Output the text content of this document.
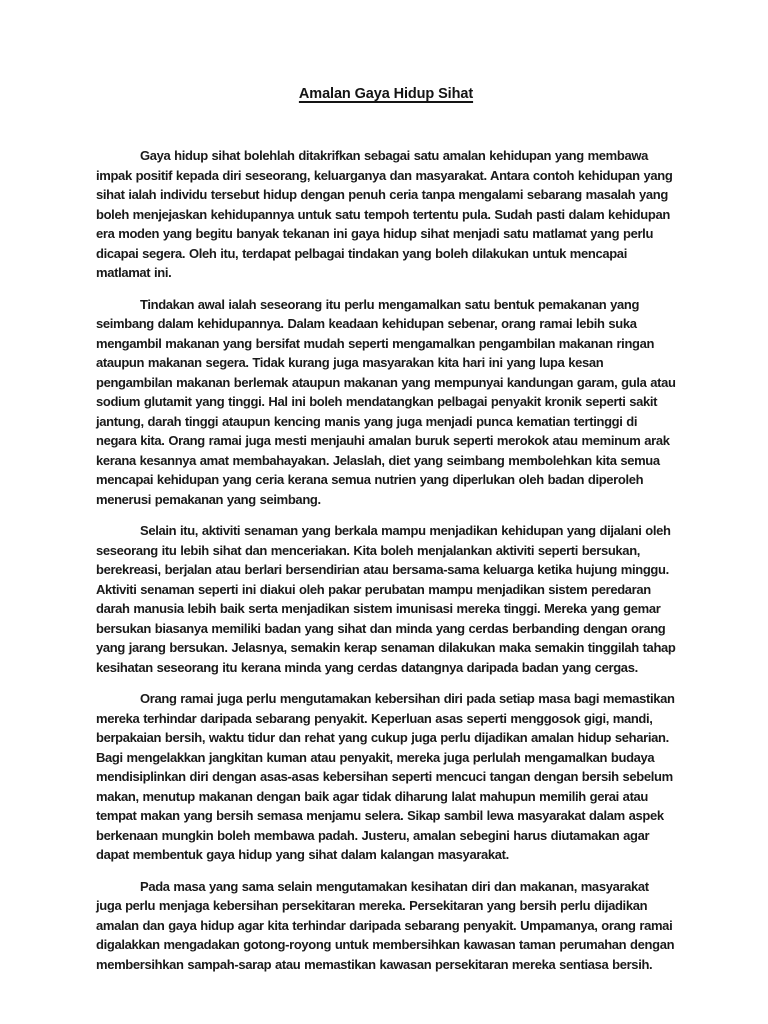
Amalan Gaya Hidup Sihat

Gaya hidup sihat bolehlah ditakrifkan sebagai satu amalan kehidupan yang membawa impak positif kepada diri seseorang, keluarganya dan masyarakat. Antara contoh kehidupan yang sihat ialah individu tersebut hidup dengan penuh ceria tanpa mengalami sebarang masalah yang boleh menjejaskan kehidupannya untuk satu tempoh tertentu pula. Sudah pasti dalam kehidupan era moden yang begitu banyak tekanan ini gaya hidup sihat menjadi satu matlamat yang perlu dicapai segera. Oleh itu, terdapat pelbagai tindakan yang boleh dilakukan untuk mencapai matlamat ini.

Tindakan awal ialah seseorang itu perlu mengamalkan satu bentuk pemakanan yang seimbang dalam kehidupannya. Dalam keadaan kehidupan sebenar, orang ramai lebih suka mengambil makanan yang bersifat mudah seperti mengamalkan pengambilan makanan ringan ataupun makanan segera. Tidak kurang juga masyarakan kita hari ini yang lupa kesan pengambilan makanan berlemak ataupun makanan yang mempunyai kandungan garam, gula atau sodium glutamit yang tinggi. Hal ini boleh mendatangkan pelbagai penyakit kronik seperti sakit jantung, darah tinggi ataupun kencing manis yang juga menjadi punca kematian tertinggi di negara kita. Orang ramai juga mesti menjauhi amalan buruk seperti merokok atau meminum arak kerana kesannya amat membahayakan. Jelaslah, diet yang seimbang membolehkan kita semua mencapai kehidupan yang ceria kerana semua nutrien yang diperlukan oleh badan diperoleh menerusi pemakanan yang seimbang.

Selain itu, aktiviti senaman yang berkala mampu menjadikan kehidupan yang dijalani oleh seseorang itu lebih sihat dan menceriakan. Kita boleh menjalankan aktiviti seperti bersukan, berekreasi, berjalan atau berlari bersendirian atau bersama-sama keluarga ketika hujung minggu. Aktiviti senaman seperti ini diakui oleh pakar perubatan mampu menjadikan sistem peredaran darah manusia lebih baik serta menjadikan sistem imunisasi mereka tinggi. Mereka yang gemar bersukan biasanya memiliki badan yang sihat dan minda yang cerdas berbanding dengan orang yang jarang bersukan. Jelasnya, semakin kerap senaman dilakukan maka semakin tinggilah tahap kesihatan seseorang itu kerana minda yang cerdas datangnya daripada badan yang cergas.

Orang ramai juga perlu mengutamakan kebersihan diri pada setiap masa bagi memastikan mereka terhindar daripada sebarang penyakit. Keperluan asas seperti menggosok gigi, mandi, berpakaian bersih, waktu tidur dan rehat yang cukup juga perlu dijadikan amalan hidup seharian. Bagi mengelakkan jangkitan kuman atau penyakit, mereka juga perlulah mengamalkan budaya mendisiplinkan diri dengan asas-asas kebersihan seperti mencuci tangan dengan bersih sebelum makan, menutup makanan dengan baik agar tidak diharung lalat mahupun memilih gerai atau tempat makan yang bersih semasa menjamu selera. Sikap sambil lewa masyarakat dalam aspek berkenaan mungkin boleh membawa padah. Justeru, amalan sebegini harus diutamakan agar dapat membentuk gaya hidup yang sihat dalam kalangan masyarakat.

Pada masa yang sama selain mengutamakan kesihatan diri dan makanan, masyarakat juga perlu menjaga kebersihan persekitaran mereka. Persekitaran yang bersih perlu dijadikan amalan dan gaya hidup agar kita terhindar daripada sebarang penyakit. Umpamanya, orang ramai digalakkan mengadakan gotong-royong untuk membersihkan kawasan taman perumahan dengan membersihkan sampah-sarap atau memastikan kawasan persekitaran mereka sentiasa bersih.
